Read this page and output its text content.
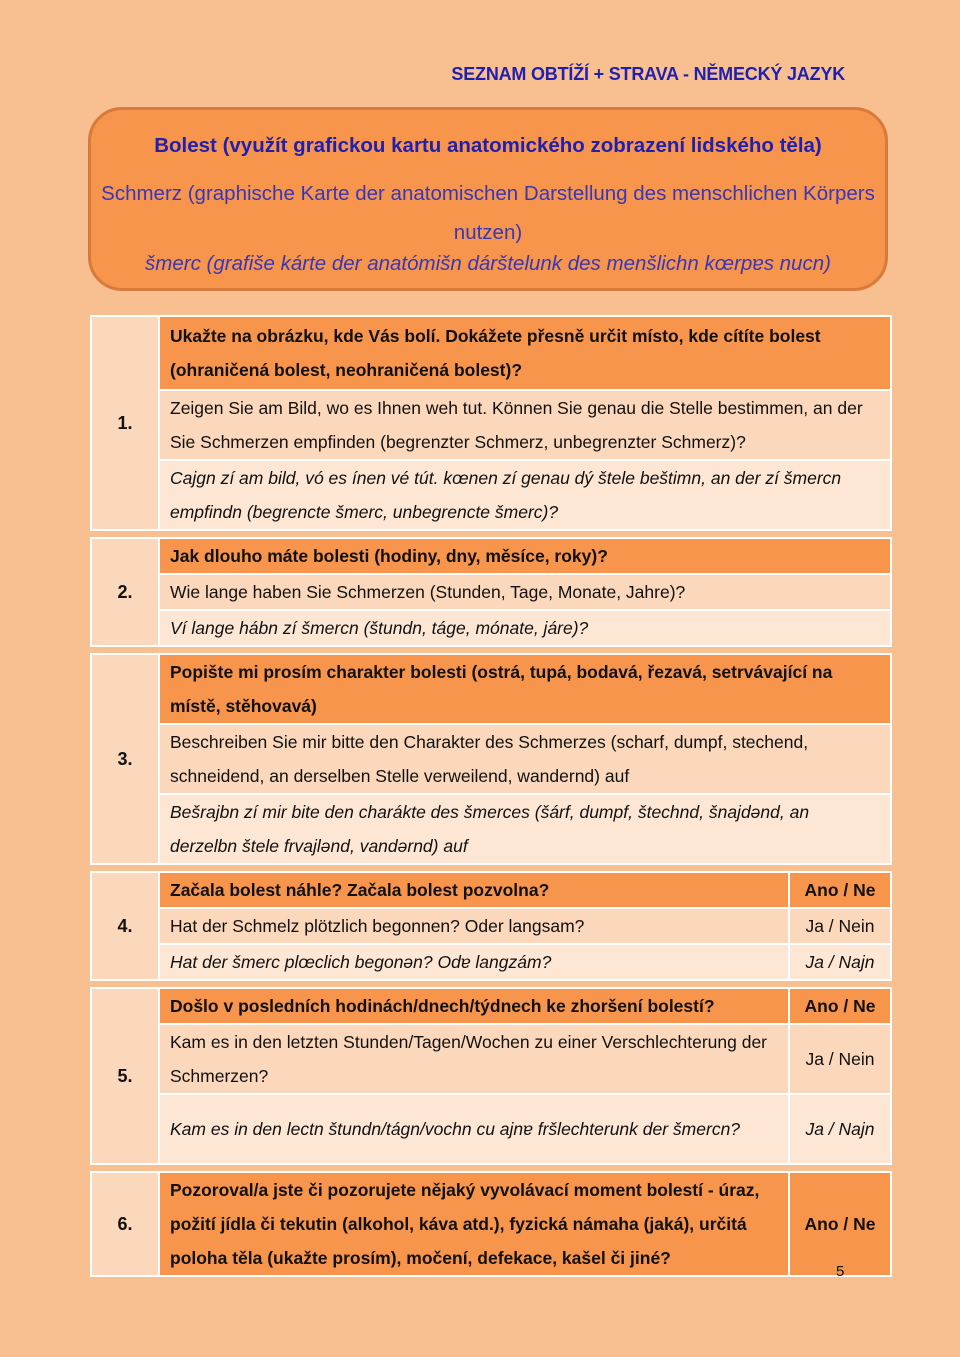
SEZNAM OBTÍŽÍ + STRAVA - NĚMECKÝ JAZYK
Bolest (využít grafickou kartu anatomického zobrazení lidského těla)
Schmerz (graphische Karte der anatomischen Darstellung des menschlichen Körpers nutzen)
šmerc (grafiše kárte der anatómišn dárštelunk des menšlichn kœrpɐs nucn)
1.	Ukažte na obrázku, kde Vás bolí. Dokážete přesně určit místo, kde cítíte bolest (ohraničená bolest, neohraničená bolest)?	
	Zeigen Sie am Bild, wo es Ihnen weh tut. Können Sie genau die Stelle bestimmen, an der Sie Schmerzen empfinden (begrenzter Schmerz, unbegrenzter Schmerz)?	
	Cajgn zí am bild, vó es ínen vé tút. kœnen zí genau dý štele beštimn, an der zí šmercn empfindn (begrencte šmerc, unbegrencte šmerc)?	

2.	Jak dlouho máte bolesti (hodiny, dny, měsíce, roky)?	
	Wie lange haben Sie Schmerzen (Stunden, Tage, Monate, Jahre)?	
	Ví lange hábn zí šmercn (štundn, táge, mónate, járe)?	

3.	Popište mi prosím charakter bolesti (ostrá, tupá, bodavá, řezavá, setrvávající na místě, stěhovavá)	
	Beschreiben Sie mir bitte den Charakter des Schmerzes (scharf, dumpf, stechend, schneidend, an derselben Stelle verweilend, wandernd) auf	
	Bešrajbn zí mir bite den charákte des šmerces (šárf, dumpf, štechnd, šnajdənd, an derzelbn štele frvajlənd, vandərnd) auf	

4.	Začala bolest náhle? Začala bolest pozvolna?	Ano / Ne
	Hat der Schmelz plötzlich begonnen? Oder langsam?	Ja / Nein
	Hat der šmerc plœclich begonən? Odɐ langzám?	Ja / Najn

5.	Došlo v posledních hodinách/dnech/týdnech ke zhoršení bolestí?	Ano / Ne
	Kam es in den letzten Stunden/Tagen/Wochen zu einer Verschlechterung der Schmerzen?	Ja / Nein
	Kam es in den lectn štundn/tágn/vochn cu ajnɐ fršlechterunk der šmercn?	Ja / Najn

6.	Pozoroval/a jste či pozorujete nějaký vyvolávací moment bolestí - úraz, požití jídla či tekutin (alkohol, káva atd.), fyzická námaha (jaká), určitá poloha těla (ukažte prosím), močení, defekace, kašel či jiné?	Ano / Ne
5
